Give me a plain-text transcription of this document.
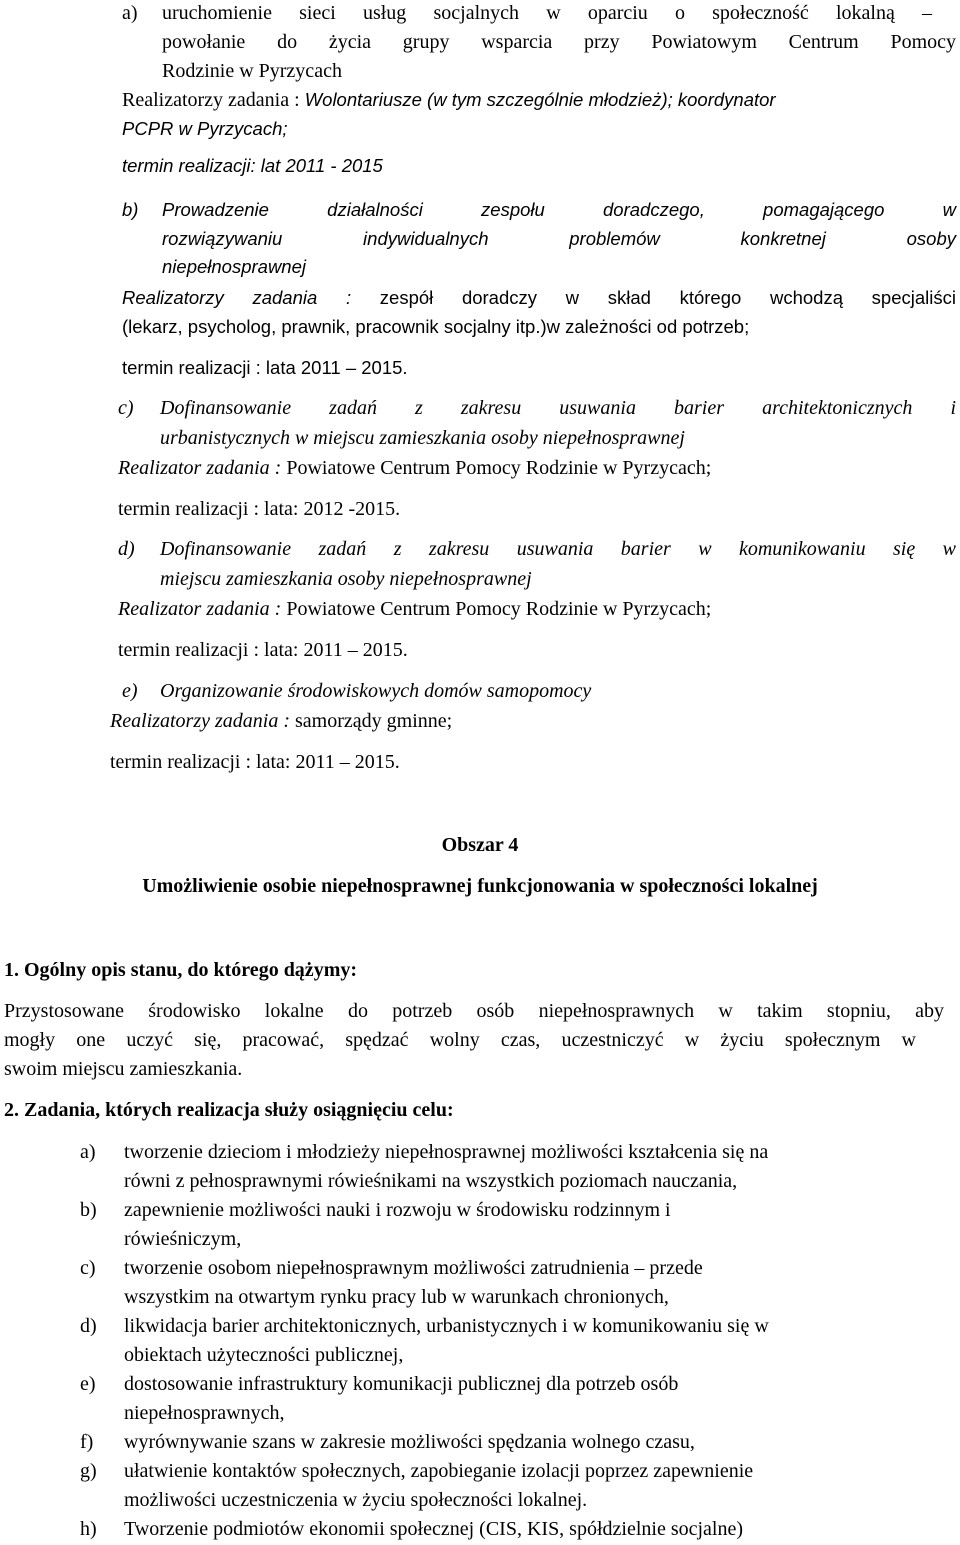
a) uruchomienie sieci usług socjalnych w oparciu o społeczność lokalną –
powołanie do życia grupy wsparcia przy Powiatowym Centrum Pomocy
Rodzinie w Pyrzycach
Realizatorzy zadania : Wolontariusze (w tym szczególnie młodzież); koordynator
PCPR w Pyrzycach;
termin realizacji: lat 2011 - 2015
b) Prowadzenie działalności zespołu doradczego, pomagającego w
rozwiązywaniu indywidualnych problemów konkretnej osoby
niepełnosprawnej
Realizatorzy zadania : zespół doradczy w skład którego wchodzą specjaliści
(lekarz, psycholog, prawnik, pracownik socjalny itp.)w zależności od potrzeb;
termin realizacji : lata 2011 – 2015.
c) Dofinansowanie zadań z zakresu usuwania barier architektonicznych i
urbanistycznych w miejscu zamieszkania osoby niepełnosprawnej
Realizator zadania : Powiatowe Centrum Pomocy Rodzinie w Pyrzycach;
termin realizacji : lata: 2012 -2015.
d) Dofinansowanie zadań z zakresu usuwania barier w komunikowaniu się w
miejscu zamieszkania osoby niepełnosprawnej
Realizator zadania : Powiatowe Centrum Pomocy Rodzinie w Pyrzycach;
termin realizacji : lata: 2011 – 2015.
e) Organizowanie środowiskowych domów samopomocy
Realizatorzy zadania : samorządy gminne;
termin realizacji : lata: 2011 – 2015.
Obszar 4
Umożliwienie osobie niepełnosprawnej funkcjonowania w społeczności lokalnej
1. Ogólny opis stanu, do którego dążymy:
Przystosowane środowisko lokalne do potrzeb osób niepełnosprawnych w takim stopniu, aby
mogły one uczyć się, pracować, spędzać wolny czas, uczestniczyć w życiu społecznym w
swoim miejscu zamieszkania.
2. Zadania, których realizacja służy osiągnięciu celu:
a) tworzenie dzieciom i młodzieży niepełnosprawnej możliwości kształcenia się na
równi z pełnosprawnymi rówieśnikami na wszystkich poziomach nauczania,
b) zapewnienie możliwości nauki i rozwoju w środowisku rodzinnym i
rówieśniczym,
c) tworzenie osobom niepełnosprawnym możliwości zatrudnienia – przede
wszystkim na otwartym rynku pracy lub w warunkach chronionych,
d) likwidacja barier architektonicznych, urbanistycznych i w komunikowaniu się w
obiektach użyteczności publicznej,
e) dostosowanie infrastruktury komunikacji publicznej dla potrzeb osób
niepełnosprawnych,
f) wyrównywanie szans w zakresie możliwości spędzania wolnego czasu,
g) ułatwienie kontaktów społecznych, zapobieganie izolacji poprzez zapewnienie
możliwości uczestniczenia w życiu społeczności lokalnej.
h) Tworzenie podmiotów ekonomii społecznej (CIS, KIS, spółdzielnie socjalne)
